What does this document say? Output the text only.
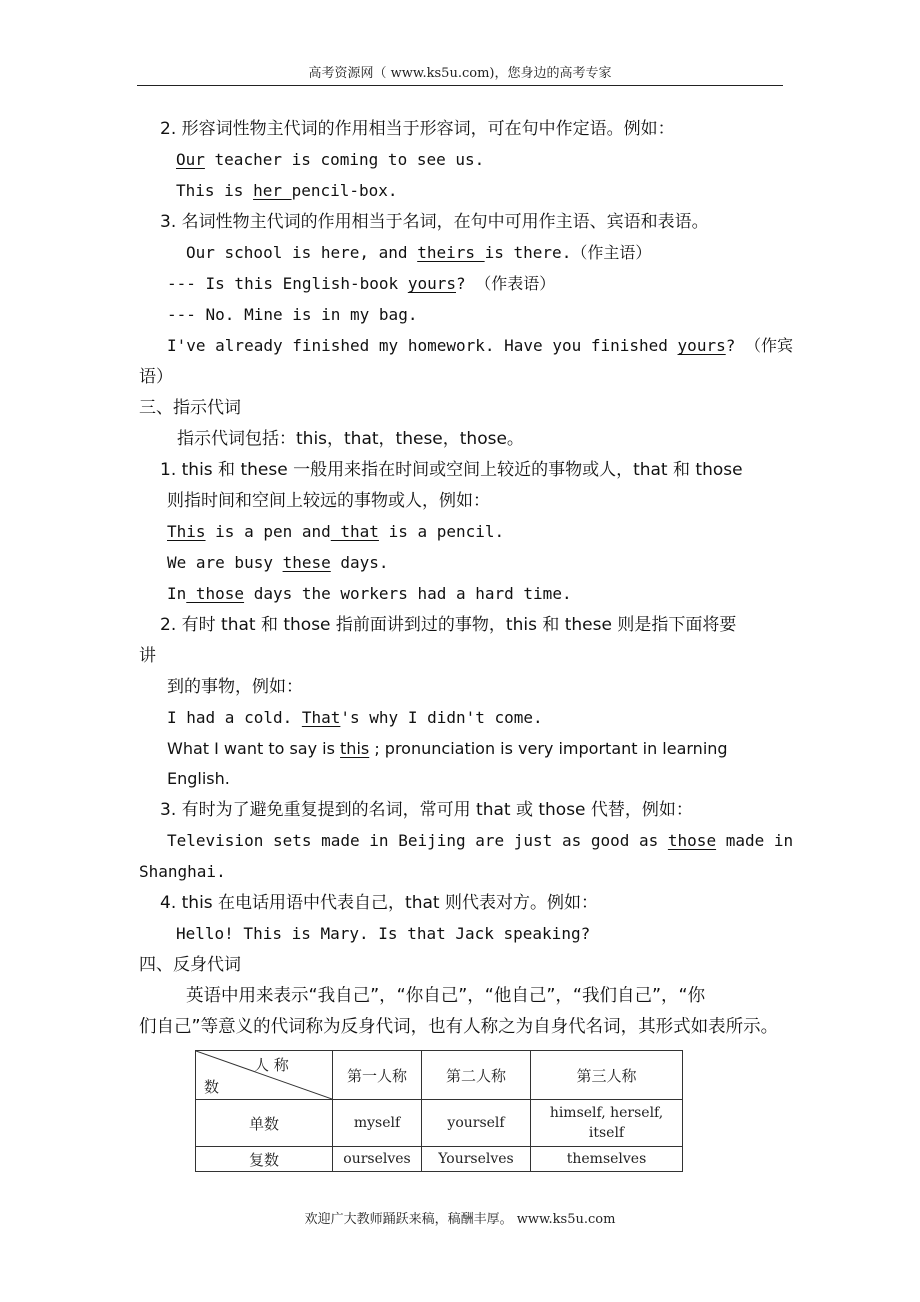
高考资源网（ www.ks5u.com)，您身边的高考专家
2. 形容词性物主代词的作用相当于形容词，可在句中作定语。例如：
Our teacher is coming to see us.
This is her pencil-box.
3. 名词性物主代词的作用相当于名词，在句中可用作主语、宾语和表语。
Our school is here, and theirs is there.（作主语）
--- Is this English-book yours? （作表语）
--- No. Mine is in my bag.
I've already finished my homework. Have you finished yours? （作宾
语）
三、指示代词
指示代词包括：this，that，these，those。
1. this 和 these 一般用来指在时间或空间上较近的事物或人，that 和 those
则指时间和空间上较远的事物或人，例如：
This is a pen and that is a pencil.
We are busy these days.
In those days the workers had a hard time.
2. 有时 that 和 those 指前面讲到过的事物，this 和 these 则是指下面将要
讲
到的事物，例如：
I had a cold. That's why I didn't come.
What I want to say is this ; pronunciation is very important in learning
English.
3. 有时为了避免重复提到的名词，常可用 that 或 those 代替，例如：
Television sets made in Beijing are just as good as those made in
Shanghai.
4. this 在电话用语中代表自己，that 则代表对方。例如：
Hello! This is Mary. Is that Jack speaking?
四、反身代词
英语中用来表示“我自己”，“你自己”，“他自己”，“我们自己”，“你
们自己”等意义的代词称为反身代词，也有人称之为自身代名词，其形式如表所示。
人 称
数	第一人称	第二人称	第三人称
单数	myself	yourself	himself, herself, itself
复数	ourselves	Yourselves	themselves
欢迎广大教师踊跃来稿，稿酬丰厚。 www.ks5u.com
